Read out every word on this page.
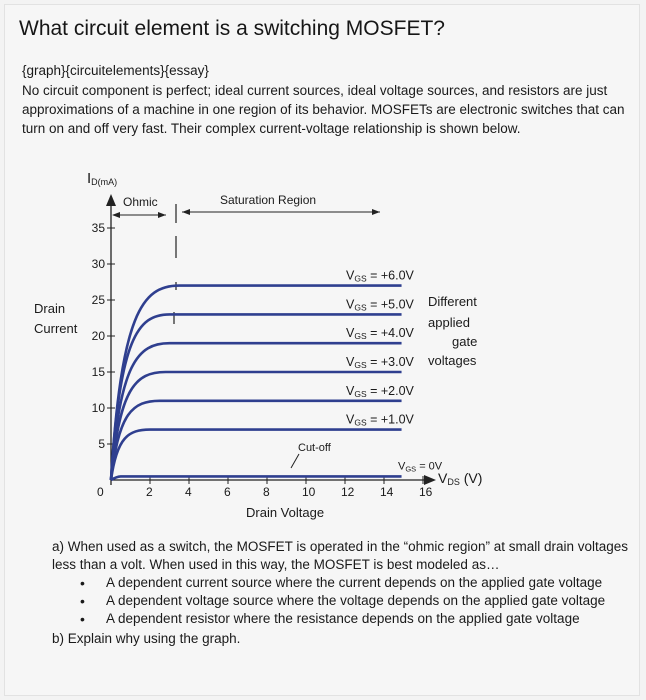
What circuit element is a switching MOSFET?
{graph}{circuitelements}{essay}
No circuit component is perfect; ideal current sources, ideal voltage sources, and resistors are just approximations of a machine in one region of its behavior. MOSFETs are electronic switches that can turn on and off very fast. Their complex current-voltage relationship is shown below.
5
10
15
20
25
30
35
0	2	4	6	8	10 12 14 16
ID(mA)
Drain
Current
VDS (V)
Drain Voltage
Ohmic	Saturation Region
Cut-off
VGS = +6.0V
VGS = +5.0V
VGS = +4.0V
VGS = +3.0V
VGS = +2.0V
VGS = +1.0V
VGS = 0V
Different
applied
gate
voltages

a) When used as a switch, the MOSFET is operated in the “ohmic region” at small drain voltages less than a volt. When used in this way, the MOSFET is best modeled as…

• A dependent current source where the current depends on the applied gate voltage
• A dependent voltage source where the voltage depends on the applied gate voltage
• A dependent resistor where the resistance depends on the applied gate voltage

b) Explain why using the graph.
